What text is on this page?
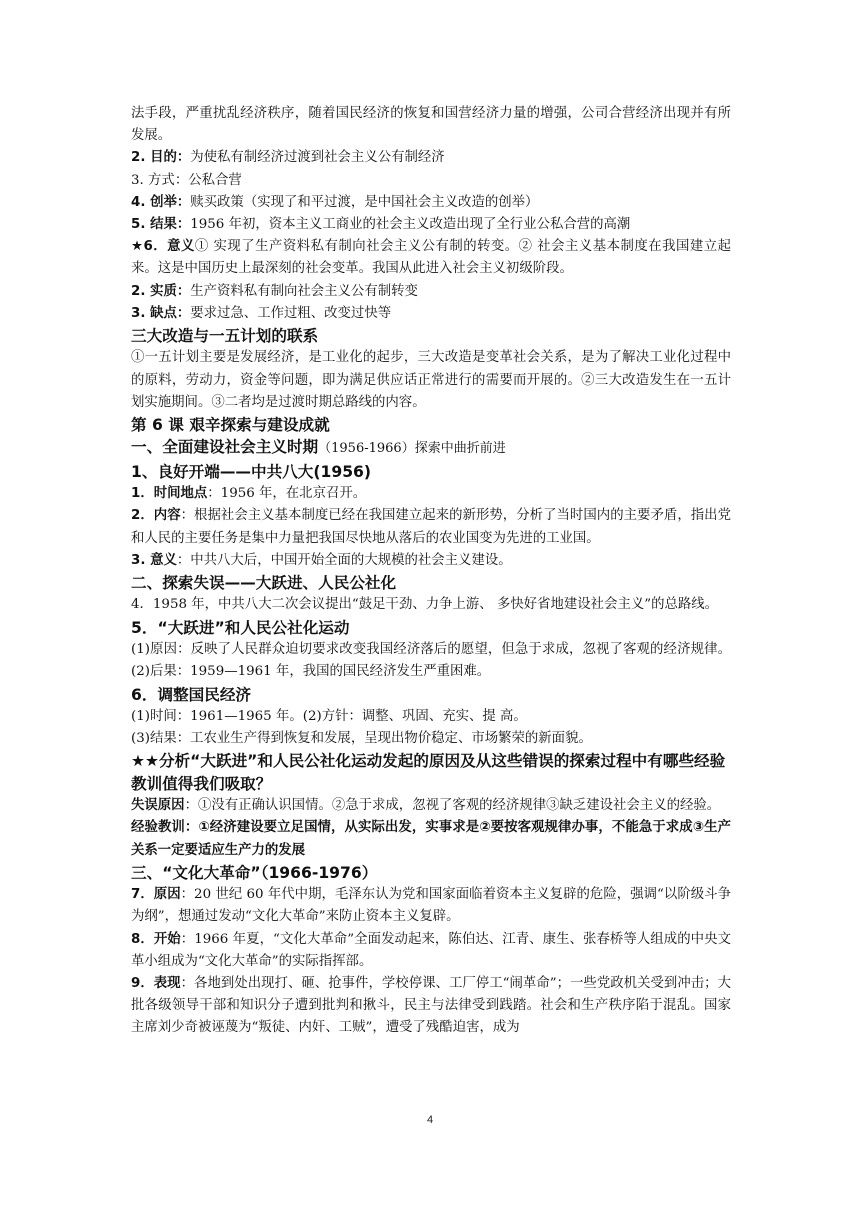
法手段，严重扰乱经济秩序，随着国民经济的恢复和国营经济力量的增强，公司合营经济出现并有所发展。

2. 目的：为使私有制经济过渡到社会主义公有制经济

3. 方式：公私合营

4. 创举：赎买政策（实现了和平过渡，是中国社会主义改造的创举）

5. 结果：1956 年初，资本主义工商业的社会主义改造出现了全行业公私合营的高潮

★6．意义① 实现了生产资料私有制向社会主义公有制的转变。② 社会主义基本制度在我国建立起来。这是中国历史上最深刻的社会变革。我国从此进入社会主义初级阶段。

2. 实质：生产资料私有制向社会主义公有制转变

3. 缺点：要求过急、工作过粗、改变过快等

三大改造与一五计划的联系

①一五计划主要是发展经济，是工业化的起步，三大改造是变革社会关系，是为了解决工业化过程中的原料，劳动力，资金等问题，即为满足供应话正常进行的需要而开展的。②三大改造发生在一五计划实施期间。③二者均是过渡时期总路线的内容。

第 6 课 艰辛探索与建设成就

一、全面建设社会主义时期（1956-1966）探索中曲折前进

1、良好开端——中共八大(1956)

1．时间地点：1956 年，在北京召开。

2．内容：根据社会主义基本制度已经在我国建立起来的新形势，分析了当时国内的主要矛盾，指出党和人民的主要任务是集中力量把我国尽快地从落后的农业国变为先进的工业国。

3. 意义：中共八大后，中国开始全面的大规模的社会主义建设。

二、探索失误——大跃进、人民公社化

4．1958 年，中共八大二次会议提出“鼓足干劲、力争上游、 多快好省地建设社会主义”的总路线。

5．“大跃进”和人民公社化运动

(1)原因：反映了人民群众迫切要求改变我国经济落后的愿望，但急于求成，忽视了客观的经济规律。(2)后果：1959—1961 年，我国的国民经济发生严重困难。

6．调整国民经济

(1)时间：1961—1965 年。(2)方针：调整、巩固、充实、提 高。

(3)结果：工农业生产得到恢复和发展，呈现出物价稳定、市场繁荣的新面貌。

★★分析“大跃进”和人民公社化运动发起的原因及从这些错误的探索过程中有哪些经验教训值得我们吸取？

失误原因：①没有正确认识国情。②急于求成，忽视了客观的经济规律③缺乏建设社会主义的经验。

经验教训：①经济建设要立足国情，从实际出发，实事求是②要按客观规律办事，不能急于求成③生产关系一定要适应生产力的发展

三、“文化大革命”（1966-1976）

7．原因：20 世纪 60 年代中期，毛泽东认为党和国家面临着资本主义复辟的危险，强调“以阶级斗争为纲”，想通过发动“文化大革命”来防止资本主义复辟。

8．开始：1966 年夏，“文化大革命”全面发动起来，陈伯达、江青、康生、张春桥等人组成的中央文革小组成为“文化大革命”的实际指挥部。

9．表现：各地到处出现打、砸、抢事件，学校停课、工厂停工“闹革命”；一些党政机关受到冲击；大批各级领导干部和知识分子遭到批判和揪斗，民主与法律受到践踏。社会和生产秩序陷于混乱。国家主席刘少奇被诬蔑为“叛徒、内奸、工贼”，遭受了残酷迫害，成为

4
